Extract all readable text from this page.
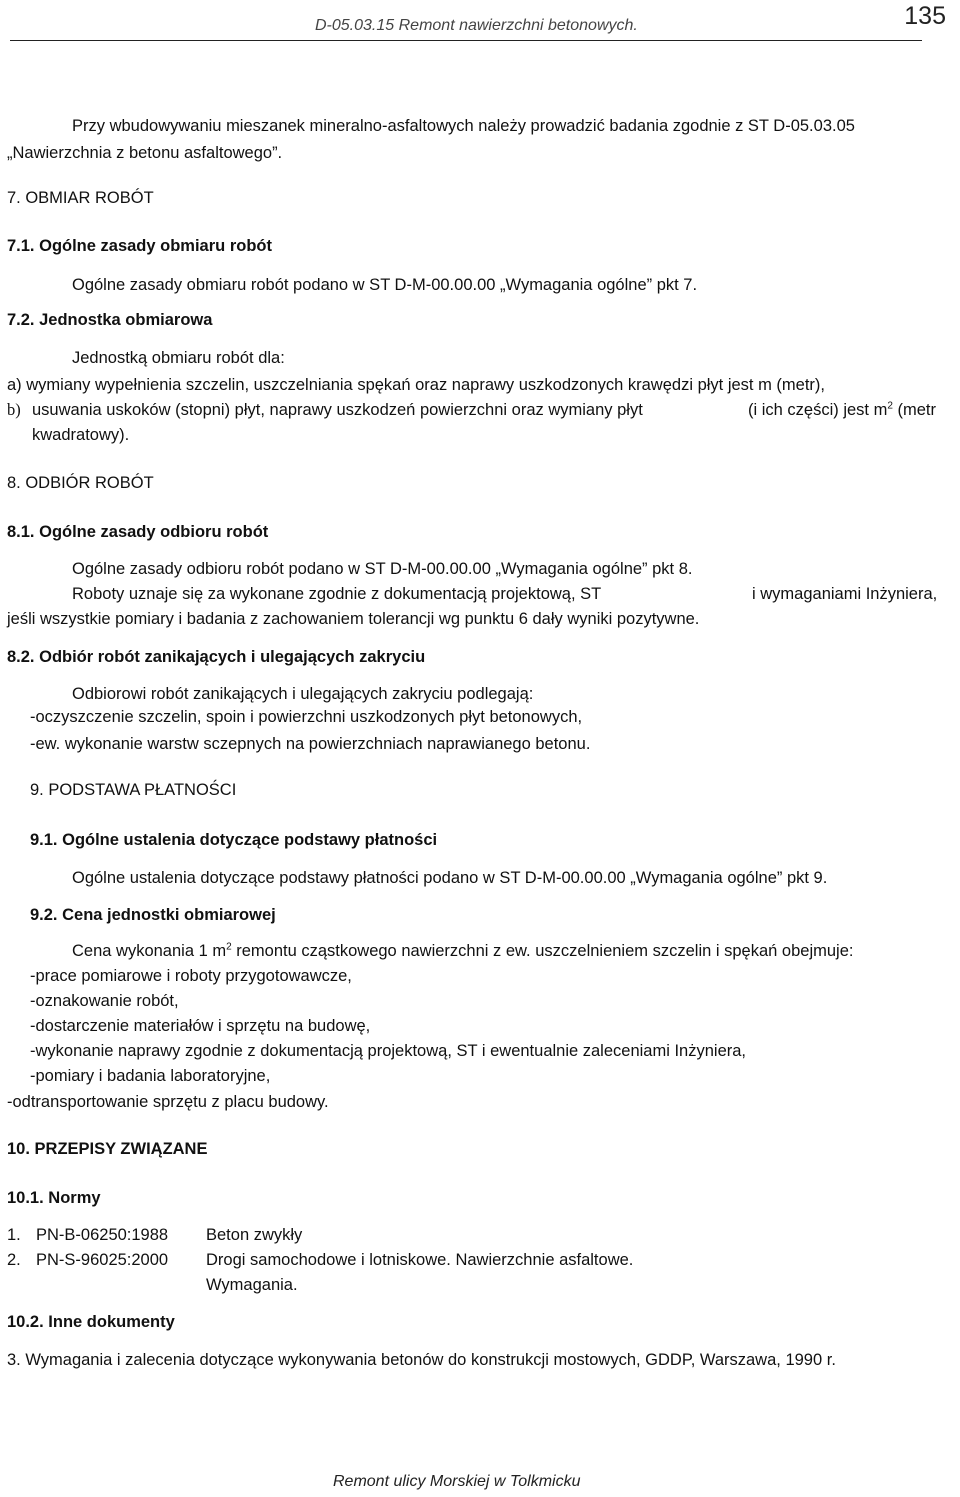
D-05.03.15 Remont nawierzchni betonowych.	135
Przy wbudowywaniu mieszanek mineralno-asfaltowych należy prowadzić badania zgodnie z ST D-05.03.05
„Nawierzchnia z betonu asfaltowego”.
7. OBMIAR ROBÓT
7.1. Ogólne zasady obmiaru robót
Ogólne zasady obmiaru robót podano w ST D-M-00.00.00 „Wymagania ogólne” pkt 7.
7.2. Jednostka obmiarowa
Jednostką obmiaru robót dla:
a) wymiany wypełnienia szczelin, uszczelniania spękań oraz naprawy uszkodzonych krawędzi płyt jest m (metr),
b) usuwania uskoków (stopni) płyt, naprawy uszkodzeń powierzchni oraz wymiany płyt	(i ich części) jest $m^2$ (metr
kwadratowy).
8. ODBIÓR ROBÓT
8.1. Ogólne zasady odbioru robót
Ogólne zasady odbioru robót podano w ST D-M-00.00.00 „Wymagania ogólne” pkt 8.
Roboty uznaje się za wykonane zgodnie z dokumentacją projektową, ST	i wymaganiami Inżyniera,
jeśli wszystkie pomiary i badania z zachowaniem tolerancji wg punktu 6 dały wyniki pozytywne.
8.2. Odbiór robót zanikających i ulegających zakryciu
Odbiorowi robót zanikających i ulegających zakryciu podlegają:
-oczyszczenie szczelin, spoin i powierzchni uszkodzonych płyt betonowych,
-ew. wykonanie warstw sczepnych na powierzchniach naprawianego betonu.
9. PODSTAWA PŁATNOŚCI
9.1. Ogólne ustalenia dotyczące podstawy płatności
Ogólne ustalenia dotyczące podstawy płatności podano w ST D-M-00.00.00 „Wymagania ogólne” pkt 9.
9.2. Cena jednostki obmiarowej
Cena wykonania 1 $m^2$ remontu cząstkowego nawierzchni z ew. uszczelnieniem szczelin i spękań obejmuje:
-prace pomiarowe i roboty przygotowawcze,
-oznakowanie robót,
-dostarczenie materiałów i sprzętu na budowę,
-wykonanie naprawy zgodnie z dokumentacją projektową, ST i ewentualnie zaleceniami Inżyniera,
-pomiary i badania laboratoryjne,
-odtransportowanie sprzętu z placu budowy.
10. PRZEPISY ZWIĄZANE
10.1. Normy
1. PN-B-06250:1988 Beton zwykły
2. PN-S-96025:2000 Drogi samochodowe i lotniskowe. Nawierzchnie asfaltowe.
Wymagania.
10.2. Inne dokumenty
3. Wymagania i zalecenia dotyczące wykonywania betonów do konstrukcji mostowych, GDDP, Warszawa, 1990 r.
Remont ulicy Morskiej w Tolkmicku
